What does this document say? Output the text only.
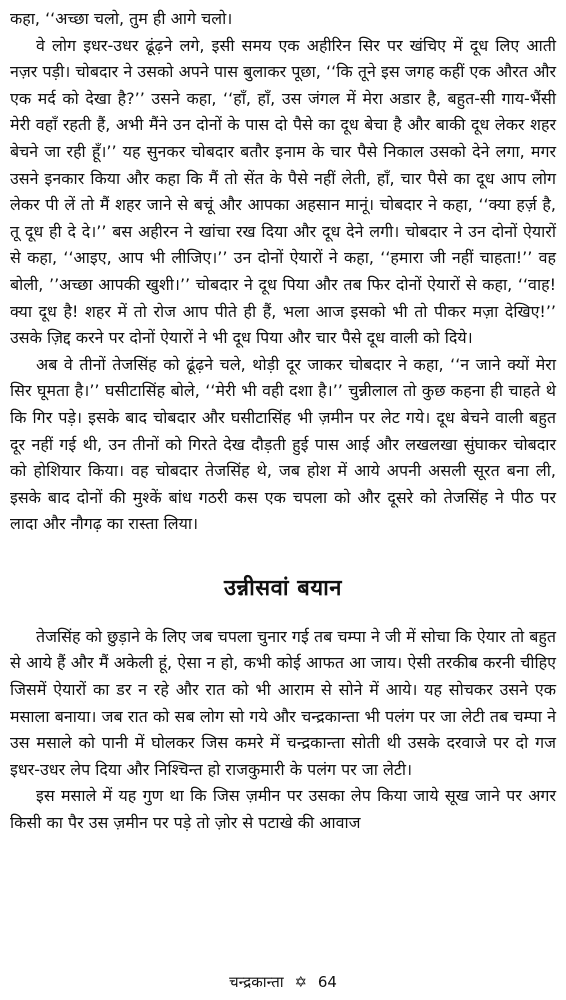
कहा, ‘‘अच्छा चलो, तुम ही आगे चलो।

वे लोग इधर-उधर ढूंढ़ने लगे, इसी समय एक अहीरिन सिर पर खंचिए में दूध लिए आती नज़र पड़ी। चोबदार ने उसको अपने पास बुलाकर पूछा, ‘‘कि तूने इस जगह कहीं एक औरत और एक मर्द को देखा है?’’ उसने कहा, ‘‘हाँ, हाँ, उस जंगल में मेरा अडार है, बहुत-सी गाय-भैंसी मेरी वहाँ रहती हैं, अभी मैंने उन दोनों के पास दो पैसे का दूध बेचा है और बाकी दूध लेकर शहर बेचने जा रही हूँ।’’ यह सुनकर चोबदार बतौर इनाम के चार पैसे निकाल उसको देने लगा, मगर उसने इनकार किया और कहा कि मैं तो सेंत के पैसे नहीं लेती, हाँ, चार पैसे का दूध आप लोग लेकर पी लें तो मैं शहर जाने से बचूं और आपका अहसान मानूं। चोबदार ने कहा, ‘‘क्या हर्ज़ है, तू दूध ही दे दे।’’ बस अहीरन ने खांचा रख दिया और दूध देने लगी। चोबदार ने उन दोनों ऐयारों से कहा, ‘‘आइए, आप भी लीजिए।’’ उन दोनों ऐयारों ने कहा, ‘‘हमारा जी नहीं चाहता!’’ वह बोली, ’’अच्छा आपकी खुशी।’’ चोबदार ने दूध पिया और तब फिर दोनों ऐयारों से कहा, ‘‘वाह! क्या दूध है! शहर में तो रोज आप पीते ही हैं, भला आज इसको भी तो पीकर मज़ा देखिए!’’ उसके ज़िद्द करने पर दोनों ऐयारों ने भी दूध पिया और चार पैसे दूध वाली को दिये।

अब वे तीनों तेजसिंह को ढूंढ़ने चले, थोड़ी दूर जाकर चोबदार ने कहा, ‘‘न जाने क्यों मेरा सिर घूमता है।’’ घसीटासिंह बोले, ‘‘मेरी भी वही दशा है।’’ चुन्नीलाल तो कुछ कहना ही चाहते थे कि गिर पड़े। इसके बाद चोबदार और घसीटासिंह भी ज़मीन पर लेट गये। दूध बेचने वाली बहुत दूर नहीं गई थी, उन तीनों को गिरते देख दौड़ती हुई पास आई और लखलखा सुंघाकर चोबदार को होशियार किया। वह चोबदार तेजसिंह थे, जब होश में आये अपनी असली सूरत बना ली, इसके बाद दोनों की मुश्कें बांध गठरी कस एक चपला को और दूसरे को तेजसिंह ने पीठ पर लादा और नौगढ़ का रास्ता लिया।

उन्नीसवां बयान

तेजसिंह को छुड़ाने के लिए जब चपला चुनार गई तब चम्पा ने जी में सोचा कि ऐयार तो बहुत से आये हैं और मैं अकेली हूं, ऐसा न हो, कभी कोई आफत आ जाय। ऐसी तरकीब करनी चीहिए जिसमें ऐयारों का डर न रहे और रात को भी आराम से सोने में आये। यह सोचकर उसने एक मसाला बनाया। जब रात को सब लोग सो गये और चन्द्रकान्ता भी पलंग पर जा लेटी तब चम्पा ने उस मसाले को पानी में घोलकर जिस कमरे में चन्द्रकान्ता सोती थी उसके दरवाजे पर दो गज इधर-उधर लेप दिया और निश्चिन्त हो राजकुमारी के पलंग पर जा लेटी।

इस मसाले में यह गुण था कि जिस ज़मीन पर उसका लेप किया जाये सूख जाने पर अगर किसी का पैर उस ज़मीन पर पड़े तो ज़ोर से पटाखे की आवाज

चन्द्रकान्ता ✡ 64
